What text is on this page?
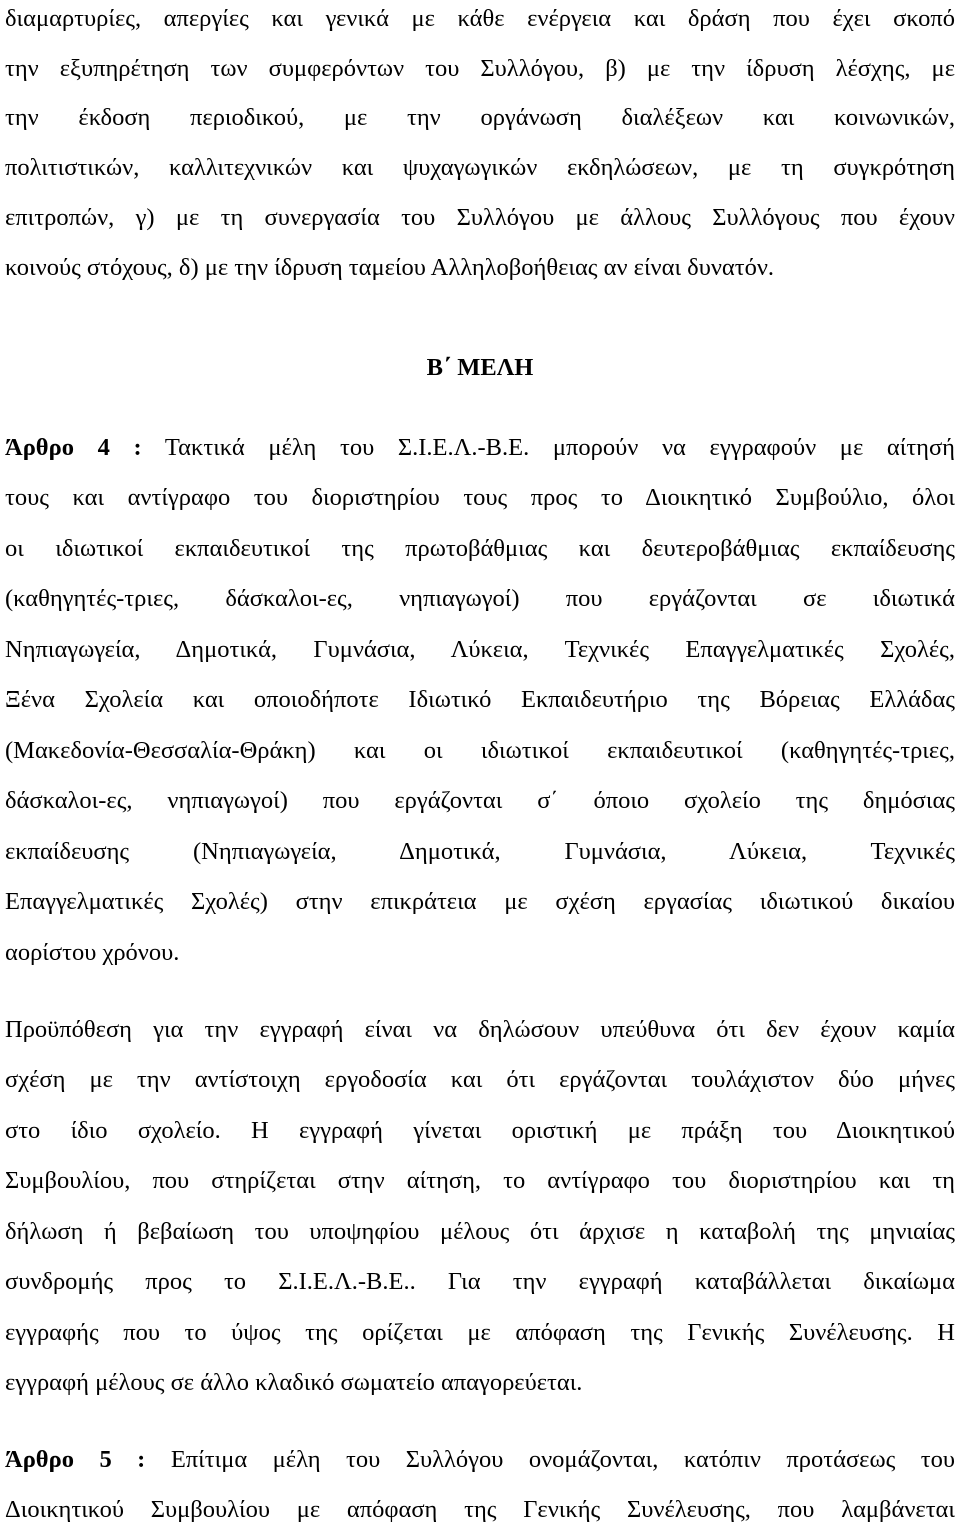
διαμαρτυρίες, απεργίες και γενικά με κάθε ενέργεια και δράση που έχει σκοπό
την εξυπηρέτηση των συμφερόντων του Συλλόγου, β) με την ίδρυση λέσχης, με
την έκδοση περιοδικού, με την οργάνωση διαλέξεων και κοινωνικών,
πολιτιστικών, καλλιτεχνικών και ψυχαγωγικών εκδηλώσεων, με τη συγκρότηση
επιτροπών, γ) με τη συνεργασία του Συλλόγου με άλλους Συλλόγους που έχουν
κοινούς στόχους, δ) με την ίδρυση ταμείου Αλληλοβοήθειας αν είναι δυνατόν.
Β΄ ΜΕΛΗ
Άρθρο 4 : Τακτικά μέλη του Σ.Ι.Ε.Λ.-Β.Ε. μπορούν να εγγραφούν με αίτησή
τους και αντίγραφο του διοριστηρίου τους προς το Διοικητικό Συμβούλιο, όλοι
οι ιδιωτικοί εκπαιδευτικοί της πρωτοβάθμιας και δευτεροβάθμιας εκπαίδευσης
(καθηγητές-τριες, δάσκαλοι-ες, νηπιαγωγοί) που εργάζονται σε ιδιωτικά
Νηπιαγωγεία, Δημοτικά, Γυμνάσια, Λύκεια, Τεχνικές Επαγγελματικές Σχολές,
Ξένα Σχολεία και οποιοδήποτε Ιδιωτικό Εκπαιδευτήριο της Βόρειας Ελλάδας
(Μακεδονία-Θεσσαλία-Θράκη) και οι ιδιωτικοί εκπαιδευτικοί (καθηγητές-τριες,
δάσκαλοι-ες, νηπιαγωγοί) που εργάζονται σ΄ όποιο σχολείο της δημόσιας
εκπαίδευσης (Νηπιαγωγεία, Δημοτικά, Γυμνάσια, Λύκεια, Τεχνικές
Επαγγελματικές Σχολές) στην επικράτεια με σχέση εργασίας ιδιωτικού δικαίου
αορίστου χρόνου.
Προϋπόθεση για την εγγραφή είναι να δηλώσουν υπεύθυνα ότι δεν έχουν καμία
σχέση με την αντίστοιχη εργοδοσία και ότι εργάζονται τουλάχιστον δύο μήνες
στο ίδιο σχολείο. Η εγγραφή γίνεται οριστική με πράξη του Διοικητικού
Συμβουλίου, που στηρίζεται στην αίτηση, το αντίγραφο του διοριστηρίου και τη
δήλωση ή βεβαίωση του υποψηφίου μέλους ότι άρχισε η καταβολή της μηνιαίας
συνδρομής προς το Σ.Ι.Ε.Λ.-Β.Ε.. Για την εγγραφή καταβάλλεται δικαίωμα
εγγραφής που το ύψος της ορίζεται με απόφαση της Γενικής Συνέλευσης. Η
εγγραφή μέλους σε άλλο κλαδικό σωματείο απαγορεύεται.
Άρθρο 5 : Επίτιμα μέλη του Συλλόγου ονομάζονται, κατόπιν προτάσεως του
Διοικητικού Συμβουλίου με απόφαση της Γενικής Συνέλευσης, που λαμβάνεται
